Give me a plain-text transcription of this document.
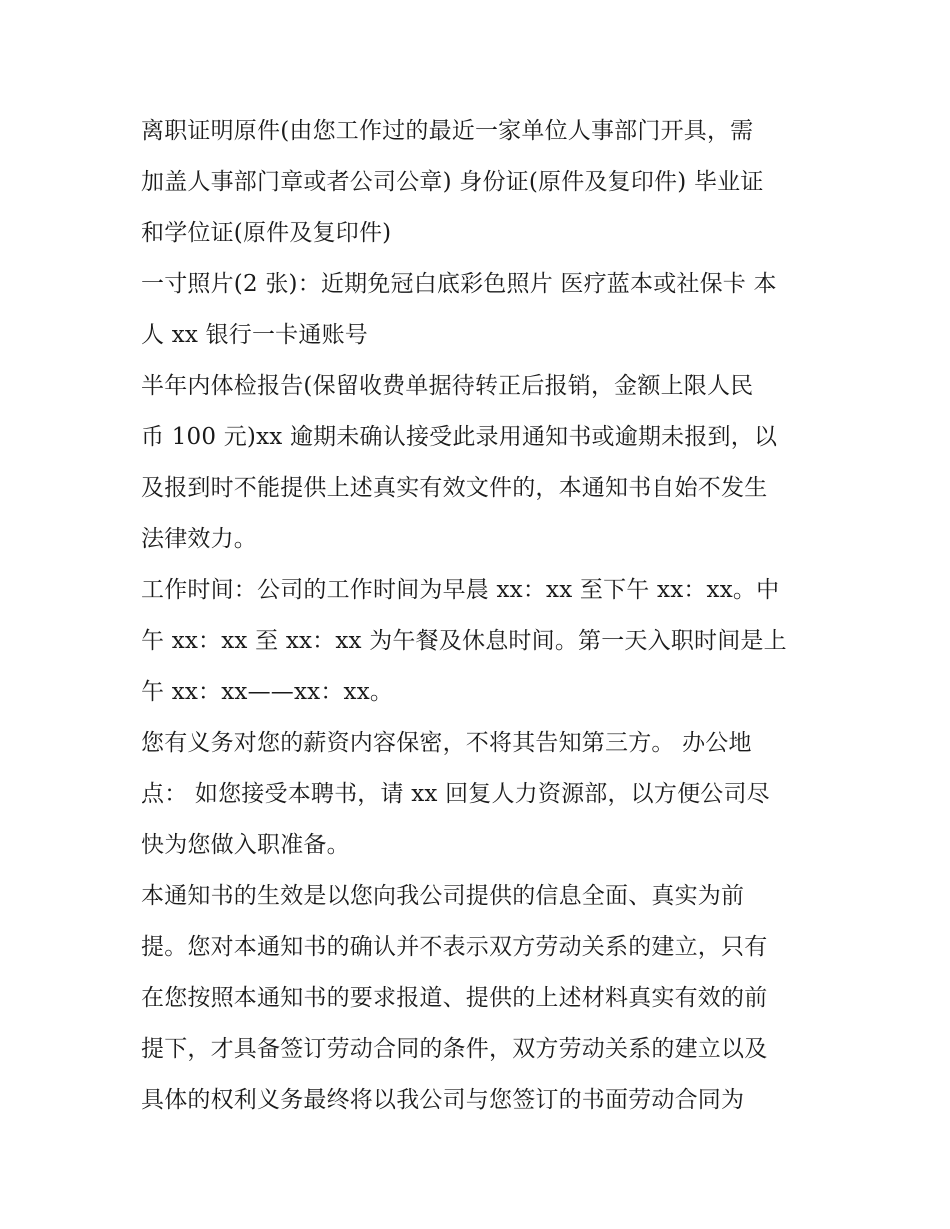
离职证明原件(由您工作过的最近一家单位人事部门开具，需
加盖人事部门章或者公司公章) 身份证(原件及复印件) 毕业证
和学位证(原件及复印件)
一寸照片(2 张)：近期免冠白底彩色照片 医疗蓝本或社保卡 本
人 xx 银行一卡通账号
半年内体检报告(保留收费单据待转正后报销，金额上限人民
币 100 元)xx 逾期未确认接受此录用通知书或逾期未报到，以
及报到时不能提供上述真实有效文件的，本通知书自始不发生
法律效力。
工作时间：公司的工作时间为早晨 xx：xx 至下午 xx：xx。中
午 xx：xx 至 xx：xx 为午餐及休息时间。第一天入职时间是上
午 xx：xx——xx：xx。
您有义务对您的薪资内容保密，不将其告知第三方。 办公地
点： 如您接受本聘书，请 xx 回复人力资源部，以方便公司尽
快为您做入职准备。
本通知书的生效是以您向我公司提供的信息全面、真实为前
提。您对本通知书的确认并不表示双方劳动关系的建立，只有
在您按照本通知书的要求报道、提供的上述材料真实有效的前
提下，才具备签订劳动合同的条件，双方劳动关系的建立以及
具体的权利义务最终将以我公司与您签订的书面劳动合同为
